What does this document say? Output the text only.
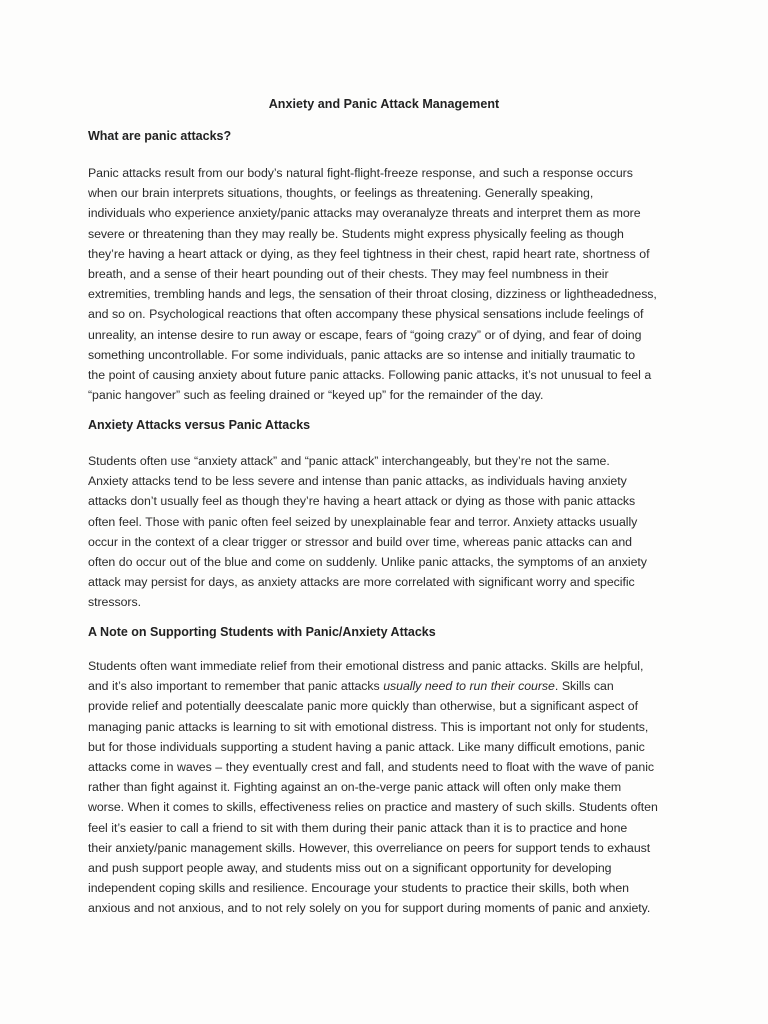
Anxiety and Panic Attack Management
What are panic attacks?
Panic attacks result from our body’s natural fight-flight-freeze response, and such a response occurs
when our brain interprets situations, thoughts, or feelings as threatening. Generally speaking,
individuals who experience anxiety/panic attacks may overanalyze threats and interpret them as more
severe or threatening than they may really be. Students might express physically feeling as though
they’re having a heart attack or dying, as they feel tightness in their chest, rapid heart rate, shortness of
breath, and a sense of their heart pounding out of their chests. They may feel numbness in their
extremities, trembling hands and legs, the sensation of their throat closing, dizziness or lightheadedness,
and so on. Psychological reactions that often accompany these physical sensations include feelings of
unreality, an intense desire to run away or escape, fears of “going crazy” or of dying, and fear of doing
something uncontrollable. For some individuals, panic attacks are so intense and initially traumatic to
the point of causing anxiety about future panic attacks. Following panic attacks, it’s not unusual to feel a
“panic hangover” such as feeling drained or “keyed up” for the remainder of the day.
Anxiety Attacks versus Panic Attacks
Students often use “anxiety attack” and “panic attack” interchangeably, but they’re not the same.
Anxiety attacks tend to be less severe and intense than panic attacks, as individuals having anxiety
attacks don’t usually feel as though they’re having a heart attack or dying as those with panic attacks
often feel. Those with panic often feel seized by unexplainable fear and terror. Anxiety attacks usually
occur in the context of a clear trigger or stressor and build over time, whereas panic attacks can and
often do occur out of the blue and come on suddenly. Unlike panic attacks, the symptoms of an anxiety
attack may persist for days, as anxiety attacks are more correlated with significant worry and specific
stressors.
A Note on Supporting Students with Panic/Anxiety Attacks
Students often want immediate relief from their emotional distress and panic attacks. Skills are helpful,
and it’s also important to remember that panic attacks usually need to run their course. Skills can
provide relief and potentially deescalate panic more quickly than otherwise, but a significant aspect of
managing panic attacks is learning to sit with emotional distress. This is important not only for students,
but for those individuals supporting a student having a panic attack. Like many difficult emotions, panic
attacks come in waves – they eventually crest and fall, and students need to float with the wave of panic
rather than fight against it. Fighting against an on-the-verge panic attack will often only make them
worse. When it comes to skills, effectiveness relies on practice and mastery of such skills. Students often
feel it’s easier to call a friend to sit with them during their panic attack than it is to practice and hone
their anxiety/panic management skills. However, this overreliance on peers for support tends to exhaust
and push support people away, and students miss out on a significant opportunity for developing
independent coping skills and resilience. Encourage your students to practice their skills, both when
anxious and not anxious, and to not rely solely on you for support during moments of panic and anxiety.
